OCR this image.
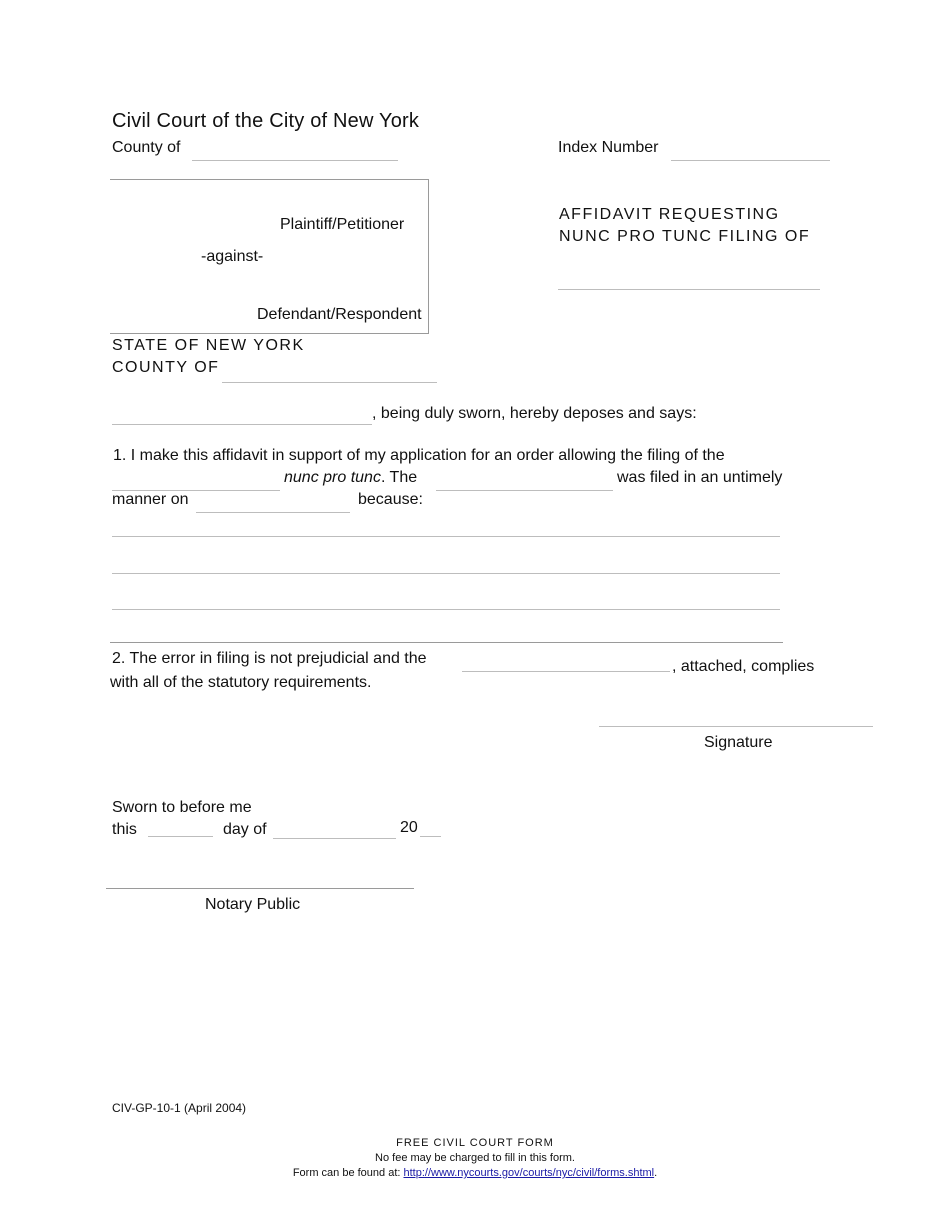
Civil Court of the City of New York
County of	Index Number
Plaintiff/Petitioner
-against-
Defendant/Respondent
AFFIDAVIT REQUESTING
NUNC PRO TUNC FILING OF
STATE OF NEW YORK
COUNTY OF
, being duly sworn, hereby deposes and says:
1. I make this affidavit in support of my application for an order allowing the filing of the
nunc pro tunc. The	was filed in an untimely
manner on	because:
2. The error in filing is not prejudicial and the	, attached, complies
with all of the statutory requirements.
Signature
Sworn to before me
this	day of	20
Notary Public
CIV-GP-10-1 (April 2004)
FREE CIVIL COURT FORM
No fee may be charged to fill in this form.
Form can be found at: http://www.nycourts.gov/courts/nyc/civil/forms.shtml.
